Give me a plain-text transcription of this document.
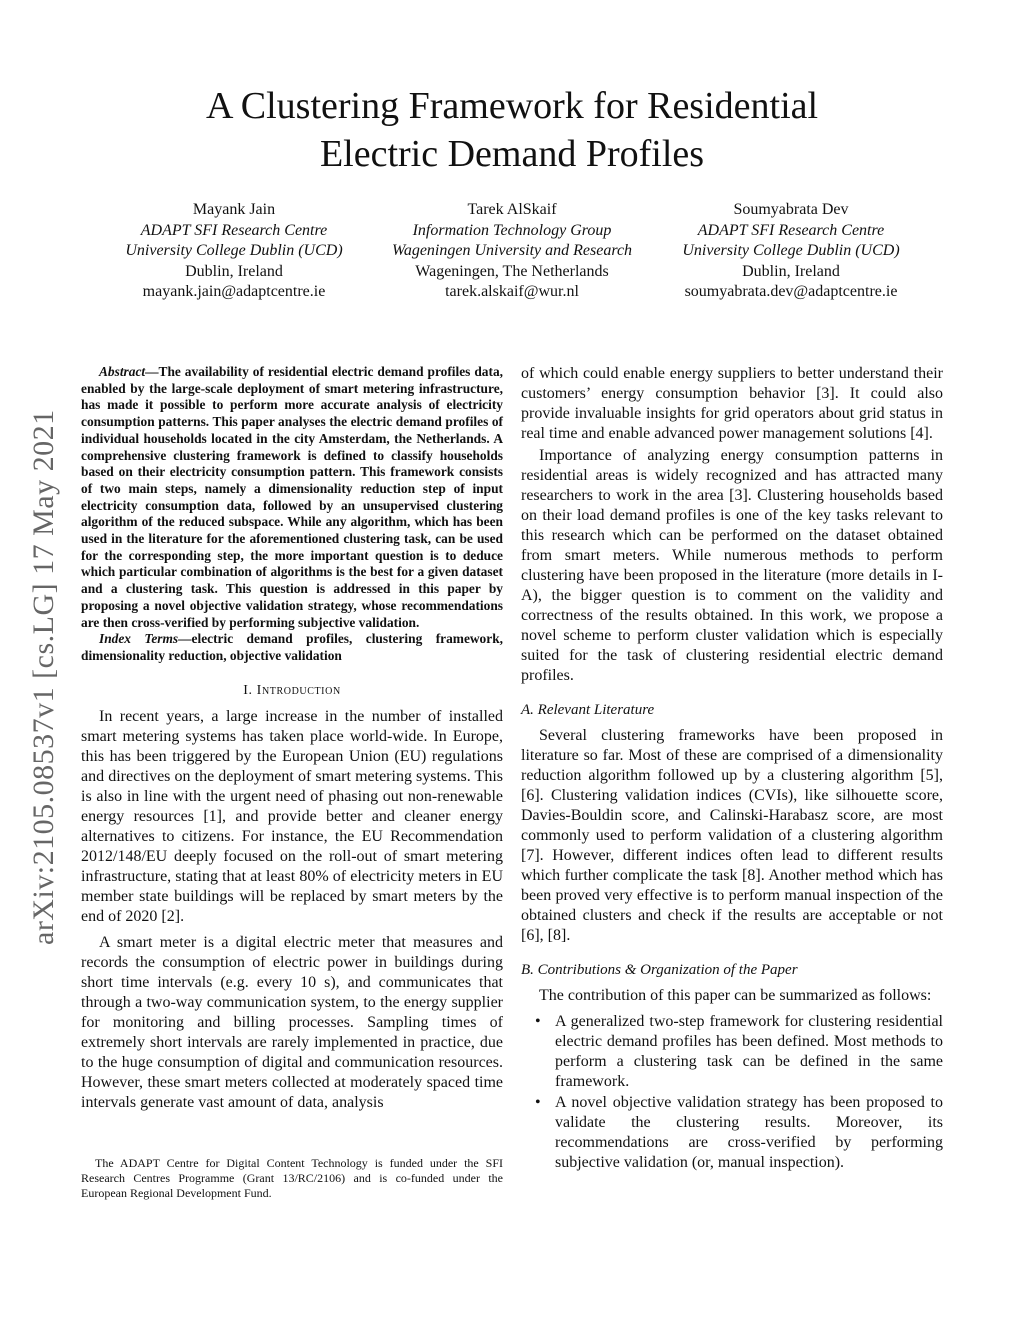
A Clustering Framework for Residential
Electric Demand Profiles
Mayank Jain
ADAPT SFI Research Centre
University College Dublin (UCD)
Dublin, Ireland
mayank.jain@adaptcentre.ie
Tarek AlSkaif
Information Technology Group
Wageningen University and Research
Wageningen, The Netherlands
tarek.alskaif@wur.nl
Soumyabrata Dev
ADAPT SFI Research Centre
University College Dublin (UCD)
Dublin, Ireland
soumyabrata.dev@adaptcentre.ie
arXiv:2105.08537v1 [cs.LG] 17 May 2021

Abstract—The availability of residential electric demand profiles data, enabled by the large-scale deployment of smart metering infrastructure, has made it possible to perform more accurate analysis of electricity consumption patterns. This paper analyses the electric demand profiles of individual households located in the city Amsterdam, the Netherlands. A comprehensive clustering framework is defined to classify households based on their electricity consumption pattern. This framework consists of two main steps, namely a dimensionality reduction step of input electricity consumption data, followed by an unsupervised clustering algorithm of the reduced subspace. While any algorithm, which has been used in the literature for the aforementioned clustering task, can be used for the corresponding step, the more important question is to deduce which particular combination of algorithms is the best for a given dataset and a clustering task. This question is addressed in this paper by proposing a novel objective validation strategy, whose recommendations are then cross-verified by performing subjective validation.

Index Terms—electric demand profiles, clustering framework, dimensionality reduction, objective validation

I. Introduction

In recent years, a large increase in the number of installed smart metering systems has taken place world-wide. In Europe, this has been triggered by the European Union (EU) regulations and directives on the deployment of smart metering systems. This is also in line with the urgent need of phasing out non-renewable energy resources [1], and provide better and cleaner energy alternatives to citizens. For instance, the EU Recommendation 2012/148/EU deeply focused on the roll-out of smart metering infrastructure, stating that at least 80% of electricity meters in EU member state buildings will be replaced by smart meters by the end of 2020 [2].

A smart meter is a digital electric meter that measures and records the consumption of electric power in buildings during short time intervals (e.g. every 10 s), and communicates that through a two-way communication system, to the energy supplier for monitoring and billing processes. Sampling times of extremely short intervals are rarely implemented in practice, due to the huge consumption of digital and communication resources. However, these smart meters collected at moderately spaced time intervals generate vast amount of data, analysis

The ADAPT Centre for Digital Content Technology is funded under the SFI Research Centres Programme (Grant 13/RC/2106) and is co-funded under the European Regional Development Fund.

of which could enable energy suppliers to better understand their customers’ energy consumption behavior [3]. It could also provide invaluable insights for grid operators about grid status in real time and enable advanced power management solutions [4].

Importance of analyzing energy consumption patterns in residential areas is widely recognized and has attracted many researchers to work in the area [3]. Clustering households based on their load demand profiles is one of the key tasks relevant to this research which can be performed on the dataset obtained from smart meters. While numerous methods to perform clustering have been proposed in the literature (more details in I-A), the bigger question is to comment on the validity and correctness of the results obtained. In this work, we propose a novel scheme to perform cluster validation which is especially suited for the task of clustering residential electric demand profiles.

A. Relevant Literature

Several clustering frameworks have been proposed in literature so far. Most of these are comprised of a dimensionality reduction algorithm followed up by a clustering algorithm [5], [6]. Clustering validation indices (CVIs), like silhouette score, Davies-Bouldin score, and Calinski-Harabasz score, are most commonly used to perform validation of a clustering algorithm [7]. However, different indices often lead to different results which further complicate the task [8]. Another method which has been proved very effective is to perform manual inspection of the obtained clusters and check if the results are acceptable or not [6], [8].

B. Contributions & Organization of the Paper

The contribution of this paper can be summarized as follows:

• A generalized two-step framework for clustering residential electric demand profiles has been defined. Most methods to perform a clustering task can be defined in the same framework.
• A novel objective validation strategy has been proposed to validate the clustering results. Moreover, its recommendations are cross-verified by performing subjective validation (or, manual inspection).
